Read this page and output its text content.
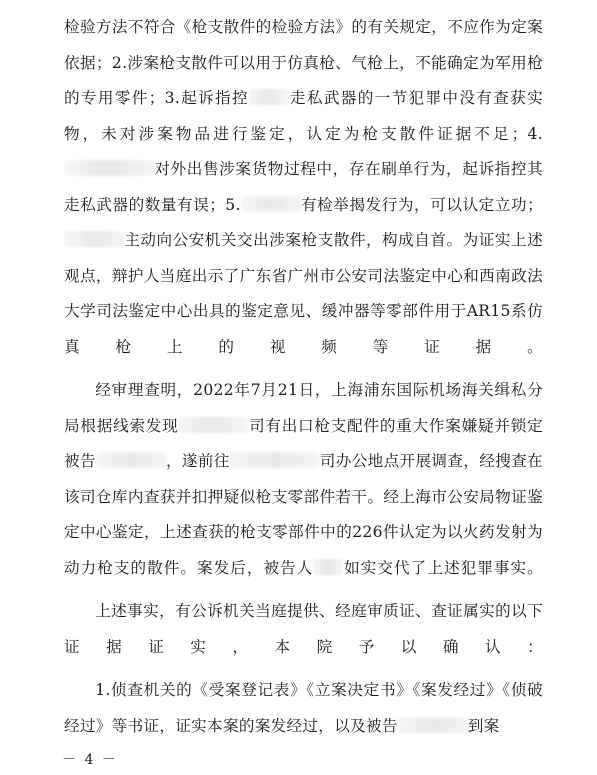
检验方法不符合《枪支散件的检验方法》的有关规定，不应作为定案依据；2.涉案枪支散件可以用于仿真枪、气枪上，不能确定为军用枪的专用零件；3.起诉指控	走私武器的一节犯罪中没有查获实物，未对涉案物品进行鉴定，认定为枪支散件证据不足；4.对外出售涉案货物过程中，存在刷单行为，起诉指控其走私武器的数量有误；5.	有检举揭发行为，可以认定立功；主动向公安机关交出涉案枪支散件，构成自首。为证实上述观点，辩护人当庭出示了广东省广州市公安司法鉴定中心和西南政法大学司法鉴定中心出具的鉴定意见、缓冲器等零部件用于AR15系仿真枪上的视频等证据。

经审理查明，2022年7月21日，上海浦东国际机场海关缉私分局根据线索发现	司有出口枪支配件的重大作案嫌疑并锁定被告	，遂前往	司办公地点开展调查，经搜查在该司仓库内查获并扣押疑似枪支零部件若干。经上海市公安局物证鉴定中心鉴定，上述查获的枪支零部件中的226件认定为以火药发射为动力枪支的散件。案发后，被告人 如实交代了上述犯罪事实。

上述事实，有公诉机关当庭提供、经庭审质证、查证属实的以下证据证实，本院予以确认：

1.侦查机关的《受案登记表》《立案决定书》《案发经过》《侦破经过》等书证，证实本案的案发经过，以及被告	到案

－ 4 －
